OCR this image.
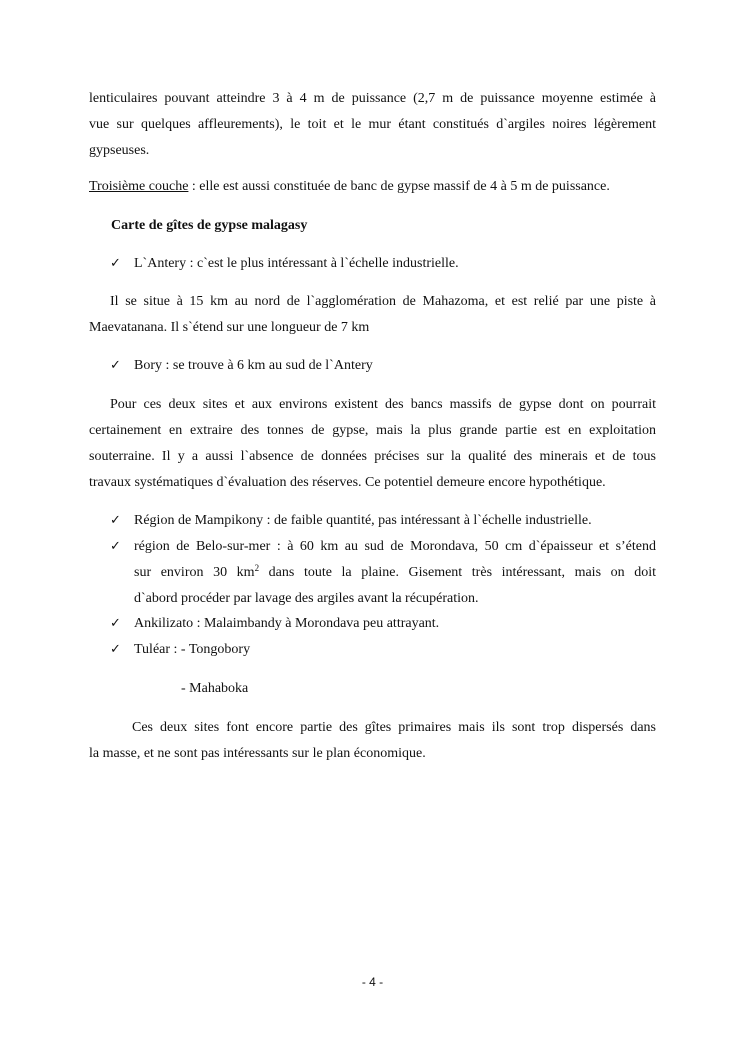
lenticulaires pouvant atteindre 3 à 4 m de puissance (2,7 m de puissance moyenne estimée à
vue sur quelques affleurements), le toit et le mur étant constitués d`argiles noires légèrement
gypseuses.
Troisième couche : elle est aussi constituée de banc de gypse massif de 4 à 5 m de puissance.
Carte de gîtes de gypse malagasy
✓ L`Antery : c`est le plus intéressant à l`échelle industrielle.

Il se situe à 15 km au nord de l`agglomération de Mahazoma, et est relié par une piste à
Maevatanana. Il s`étend sur une longueur de 7 km
✓ Bory : se trouve à 6 km au sud de l`Antery

Pour ces deux sites et aux environs existent des bancs massifs de gypse dont on pourrait
certainement en extraire des tonnes de gypse, mais la plus grande partie est en exploitation
souterraine. Il y a aussi l`absence de données précises sur la qualité des minerais et de tous
travaux systématiques d`évaluation des réserves. Ce potentiel demeure encore hypothétique.
✓ Région de Mampikony : de faible quantité, pas intéressant à l`échelle industrielle.

✓ région de Belo-sur-mer : à 60 km au sud de Morondava, 50 cm d`épaisseur et s’étend
sur environ 30 $km^2$ dans toute la plaine. Gisement très intéressant, mais on doit
d`abord procéder par lavage des argiles avant la récupération.
✓ Ankilizato : Malaimbandy à Morondava peu attrayant.

✓ Tuléar : - Tongobory

- Mahaboka
Ces deux sites font encore partie des gîtes primaires mais ils sont trop dispersés dans
la masse, et ne sont pas intéressants sur le plan économique.
- 4 -
